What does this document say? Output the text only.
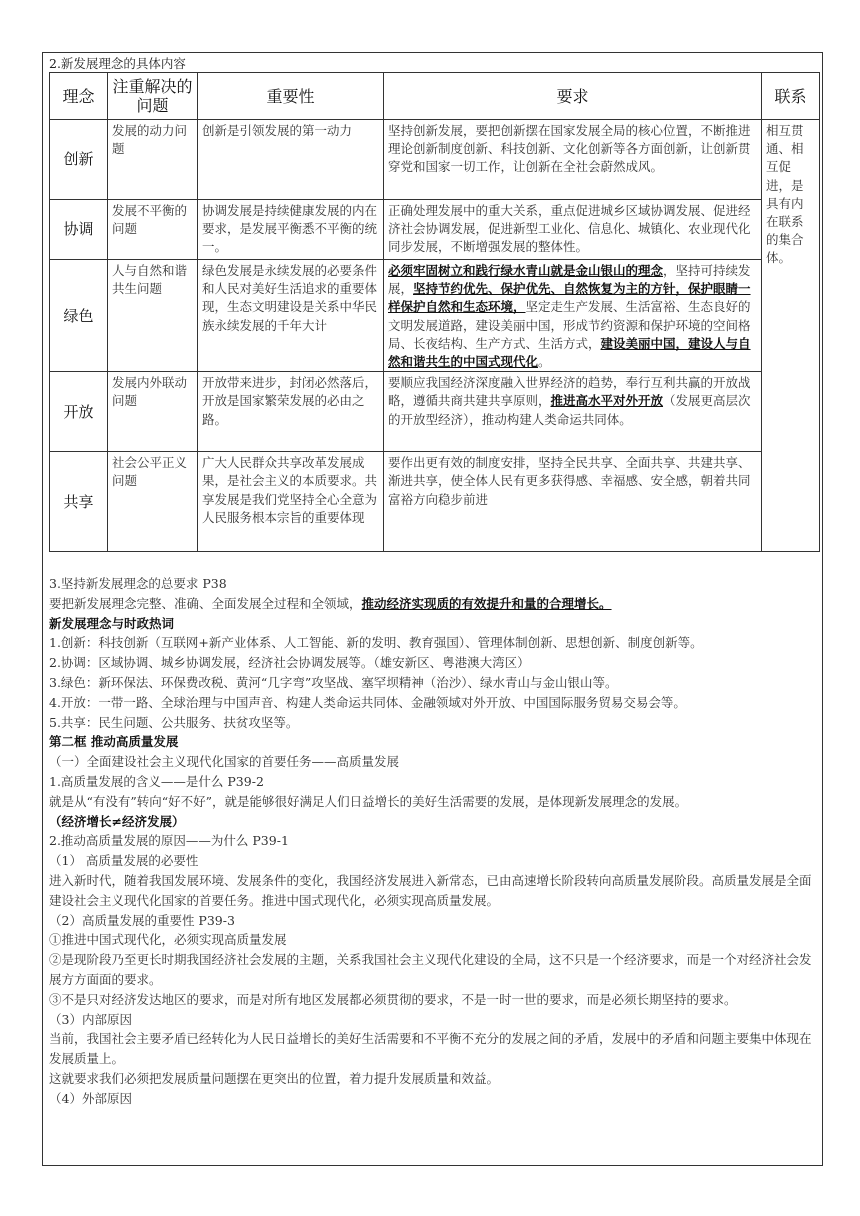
2.新发展理念的具体内容
理念	注重解决的问题	重要性	要求	联系
创新	发展的动力问题	创新是引领发展的第一动力	坚持创新发展，要把创新摆在国家发展全局的核心位置，不断推进理论创新制度创新、科技创新、文化创新等各方面创新，让创新贯穿党和国家一切工作，让创新在全社会蔚然成风。	相互贯通、相互促进，是具有内在联系的集合体。
协调	发展不平衡的问题	协调发展是持续健康发展的内在要求，是发展平衡悉不平衡的统一。	正确处理发展中的重大关系，重点促进城乡区域协调发展、促进经济社会协调发展，促进新型工业化、信息化、城镇化、农业现代化同步发展，不断增强发展的整体性。	
绿色	人与自然和谐共生问题	绿色发展是永续发展的必要条件和人民对美好生活追求的重要体现，生态文明建设是关系中华民族永续发展的千年大计	必须牢固树立和践行绿水青山就是金山银山的理念，坚持可持续发展，坚持节约优先、保护优先、自然恢复为主的方针，保护眼睛一样保护自然和生态环境，坚定走生产发展、生活富裕、生态良好的文明发展道路，建设美丽中国，形成节约资源和保护环境的空间格局、长夜结构、生产方式、生活方式，建设美丽中国，建设人与自然和谐共生的中国式现代化。	
开放	发展内外联动问题	开放带来进步，封闭必然落后，开放是国家繁荣发展的必由之路。	要顺应我国经济深度融入世界经济的趋势，奉行互利共赢的开放战略，遵循共商共建共享原则，推进高水平对外开放（发展更高层次的开放型经济），推动构建人类命运共同体。	
共享	社会公平正义问题	广大人民群众共享改革发展成果，是社会主义的本质要求。共享发展是我们党坚持全心全意为人民服务根本宗旨的重要体现	要作出更有效的制度安排，坚持全民共享、全面共享、共建共享、渐进共享，使全体人民有更多获得感、幸福感、安全感，朝着共同富裕方向稳步前进	

3.坚持新发展理念的总要求 P38

要把新发展理念完整、准确、全面发展全过程和全领域，推动经济实现质的有效提升和量的合理增长。

新发展理念与时政热词

1.创新：科技创新（互联网+新产业体系、人工智能、新的发明、教育强国）、管理体制创新、思想创新、制度创新等。

2.协调：区域协调、城乡协调发展，经济社会协调发展等。（雄安新区、粤港澳大湾区）

3.绿色：新环保法、环保费改税、黄河“几字弯”攻坚战、塞罕坝精神（治沙）、绿水青山与金山银山等。

4.开放：一带一路、全球治理与中国声音、构建人类命运共同体、金融领域对外开放、中国国际服务贸易交易会等。

5.共享：民生问题、公共服务、扶贫攻坚等。

第二框 推动高质量发展

（一）全面建设社会主义现代化国家的首要任务——高质量发展

1.高质量发展的含义——是什么 P39-2

就是从“有没有”转向“好不好”，就是能够很好满足人们日益增长的美好生活需要的发展，是体现新发展理念的发展。（经济增长≠经济发展）

2.推动高质量发展的原因——为什么 P39-1

（1） 高质量发展的必要性

进入新时代，随着我国发展环境、发展条件的变化，我国经济发展进入新常态，已由高速增长阶段转向高质量发展阶段。高质量发展是全面建设社会主义现代化国家的首要任务。推进中国式现代化，必须实现高质量发展。

（2）高质量发展的重要性 P39-3

①推进中国式现代化，必须实现高质量发展

②是现阶段乃至更长时期我国经济社会发展的主题，关系我国社会主义现代化建设的全局，这不只是一个经济要求，而是一个对经济社会发展方方面面的要求。

③不是只对经济发达地区的要求，而是对所有地区发展都必须贯彻的要求，不是一时一世的要求，而是必须长期坚持的要求。

（3）内部原因

当前，我国社会主要矛盾已经转化为人民日益增长的美好生活需要和不平衡不充分的发展之间的矛盾，发展中的矛盾和问题主要集中体现在发展质量上。

这就要求我们必须把发展质量问题摆在更突出的位置，着力提升发展质量和效益。

（4）外部原因
